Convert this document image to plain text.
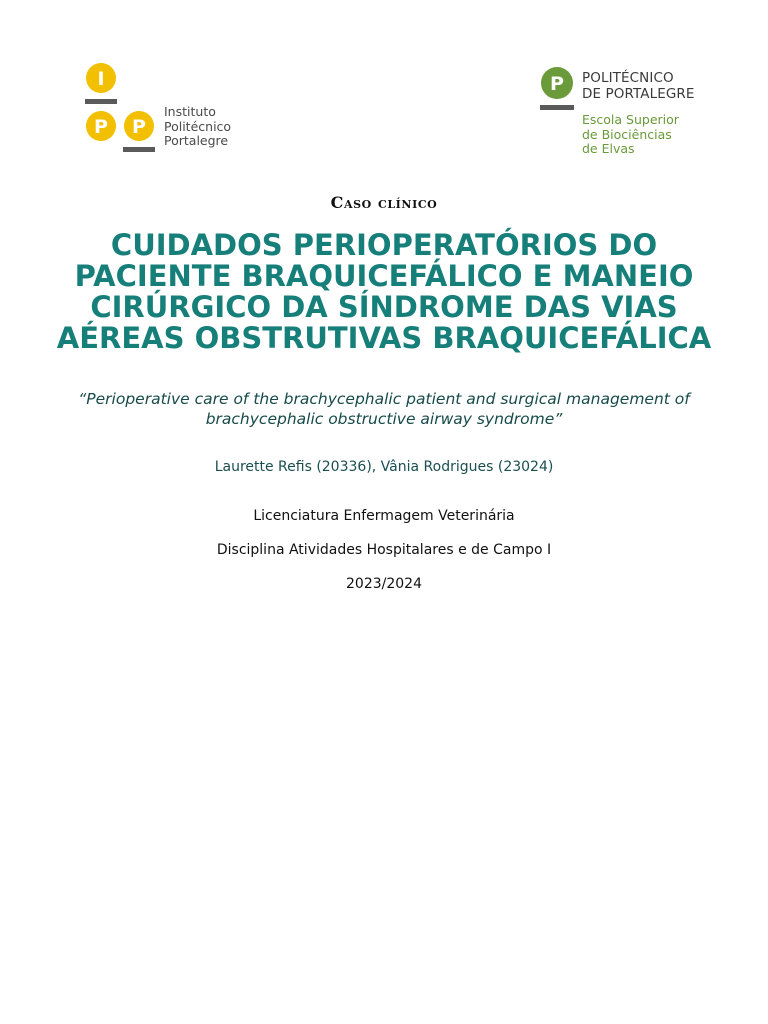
I
P P
Instituto
Politécnico
Portalegre
P POLITÉCNICO
DE PORTALEGRE
Escola Superior
de Biociências
de Elvas
Caso clínico
CUIDADOS PERIOPERATÓRIOS DO PACIENTE BRAQUICEFÁLICO E MANEIO CIRÚRGICO DA SÍNDROME DAS VIAS AÉREAS OBSTRUTIVAS BRAQUICEFÁLICA
“Perioperative care of the brachycephalic patient and surgical management of brachycephalic obstructive airway syndrome”
Laurette Refis (20336), Vânia Rodrigues (23024)
Licenciatura Enfermagem Veterinária
Disciplina Atividades Hospitalares e de Campo I
2023/2024
